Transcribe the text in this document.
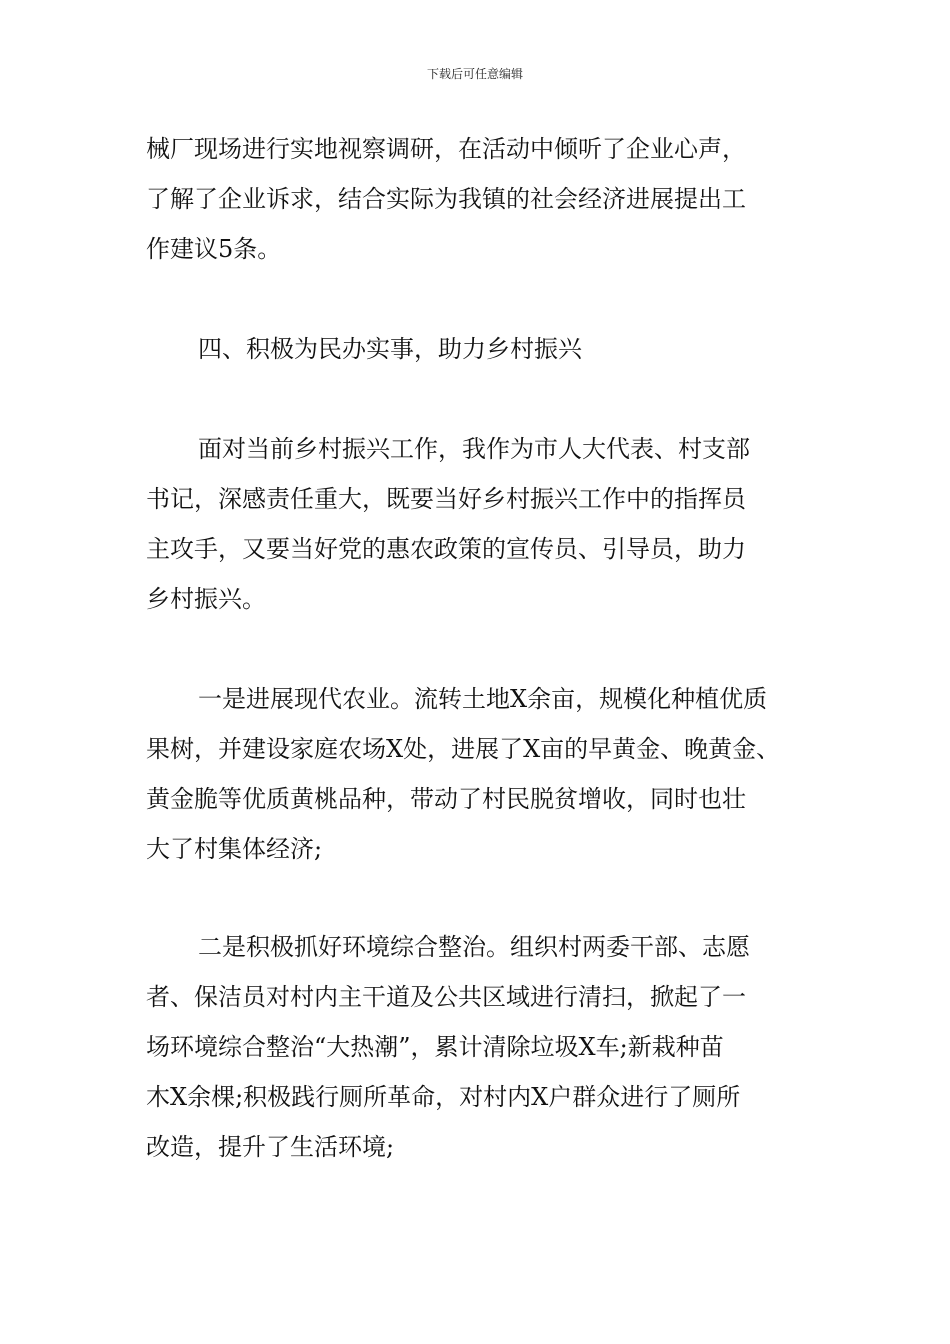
下载后可任意编辑
械厂现场进行实地视察调研，在活动中倾听了企业心声，
了解了企业诉求，结合实际为我镇的社会经济进展提出工
作建议5条。
四、积极为民办实事，助力乡村振兴
面对当前乡村振兴工作，我作为市人大代表、村支部
书记，深感责任重大，既要当好乡村振兴工作中的指挥员
主攻手，又要当好党的惠农政策的宣传员、引导员，助力
乡村振兴。
一是进展现代农业。流转土地X余亩，规模化种植优质
果树，并建设家庭农场X处，进展了X亩的早黄金、晚黄金、
黄金脆等优质黄桃品种，带动了村民脱贫增收，同时也壮
大了村集体经济;
二是积极抓好环境综合整治。组织村两委干部、志愿
者、保洁员对村内主干道及公共区域进行清扫，掀起了一
场环境综合整治“大热潮”，累计清除垃圾X车;新栽种苗
木X余棵;积极践行厕所革命，对村内X户群众进行了厕所
改造，提升了生活环境;
